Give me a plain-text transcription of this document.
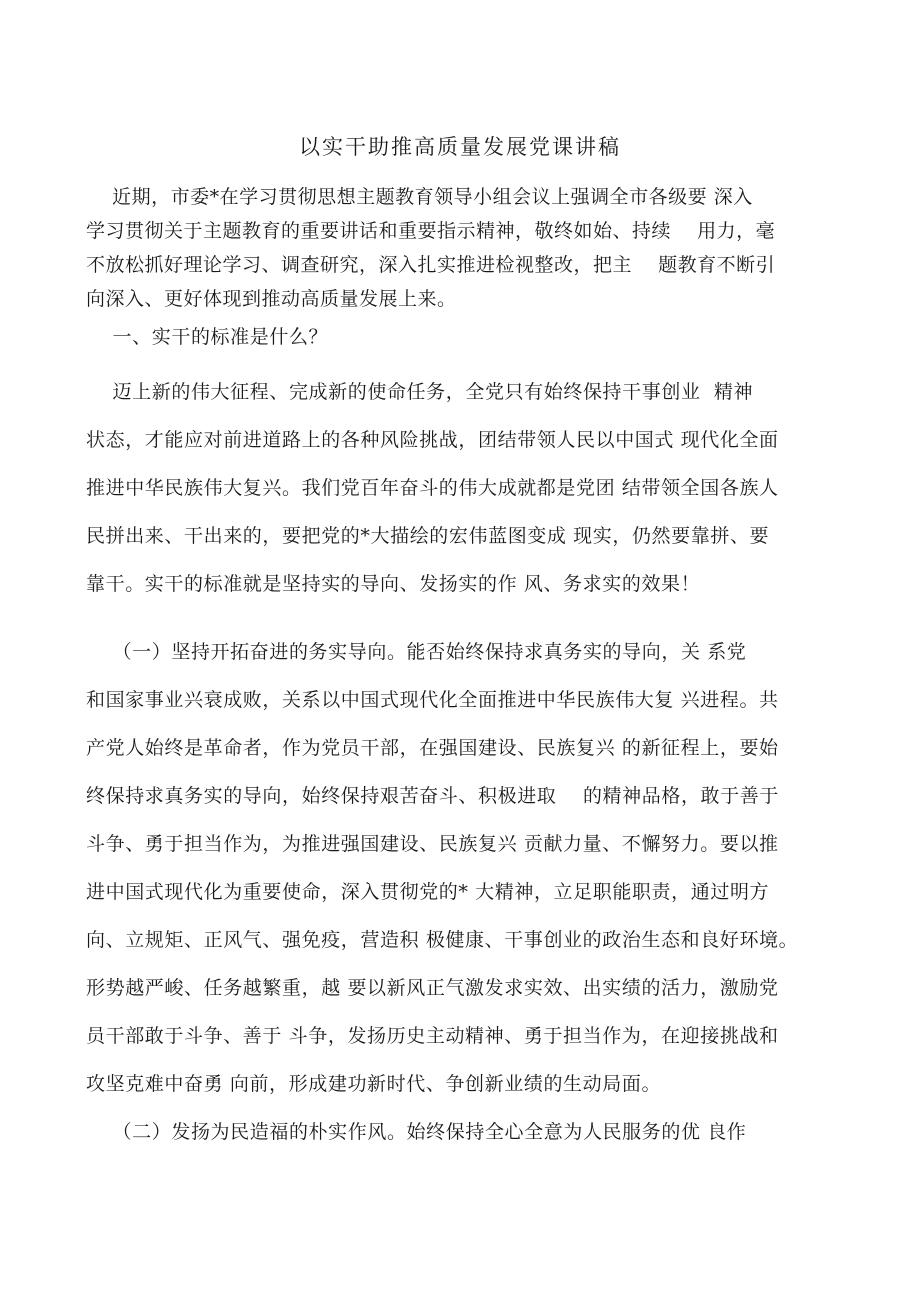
以实干助推高质量发展党课讲稿
近期，市委*在学习贯彻思想主题教育领导小组会议上强调全市各级要 深入
学习贯彻关于主题教育的重要讲话和重要指示精神，敬终如始、持续    用力，毫
不放松抓好理论学习、调查研究，深入扎实推进检视整改，把主    题教育不断引
向深入、更好体现到推动高质量发展上来。
一、实干的标准是什么？
迈上新的伟大征程、完成新的使命任务，全党只有始终保持干事创业  精神
状态，才能应对前进道路上的各种风险挑战，团结带领人民以中国式 现代化全面
推进中华民族伟大复兴。我们党百年奋斗的伟大成就都是党团 结带领全国各族人
民拼出来、干出来的，要把党的*大描绘的宏伟蓝图变成 现实，仍然要靠拼、要
靠干。实干的标准就是坚持实的导向、发扬实的作 风、务求实的效果！
（一）坚持开拓奋进的务实导向。能否始终保持求真务实的导向，关 系党
和国家事业兴衰成败，关系以中国式现代化全面推进中华民族伟大复 兴进程。共
产党人始终是革命者，作为党员干部，在强国建设、民族复兴 的新征程上，要始
终保持求真务实的导向，始终保持艰苦奋斗、积极进取    的精神品格，敢于善于
斗争、勇于担当作为，为推进强国建设、民族复兴 贡献力量、不懈努力。要以推
进中国式现代化为重要使命，深入贯彻党的* 大精神，立足职能职责，通过明方
向、立规矩、正风气、强免疫，营造积 极健康、干事创业的政治生态和良好环境。
形势越严峻、任务越繁重，越 要以新风正气激发求实效、出实绩的活力，激励党
员干部敢于斗争、善于 斗争，发扬历史主动精神、勇于担当作为，在迎接挑战和
攻坚克难中奋勇 向前，形成建功新时代、争创新业绩的生动局面。
（二）发扬为民造福的朴实作风。始终保持全心全意为人民服务的优 良作
